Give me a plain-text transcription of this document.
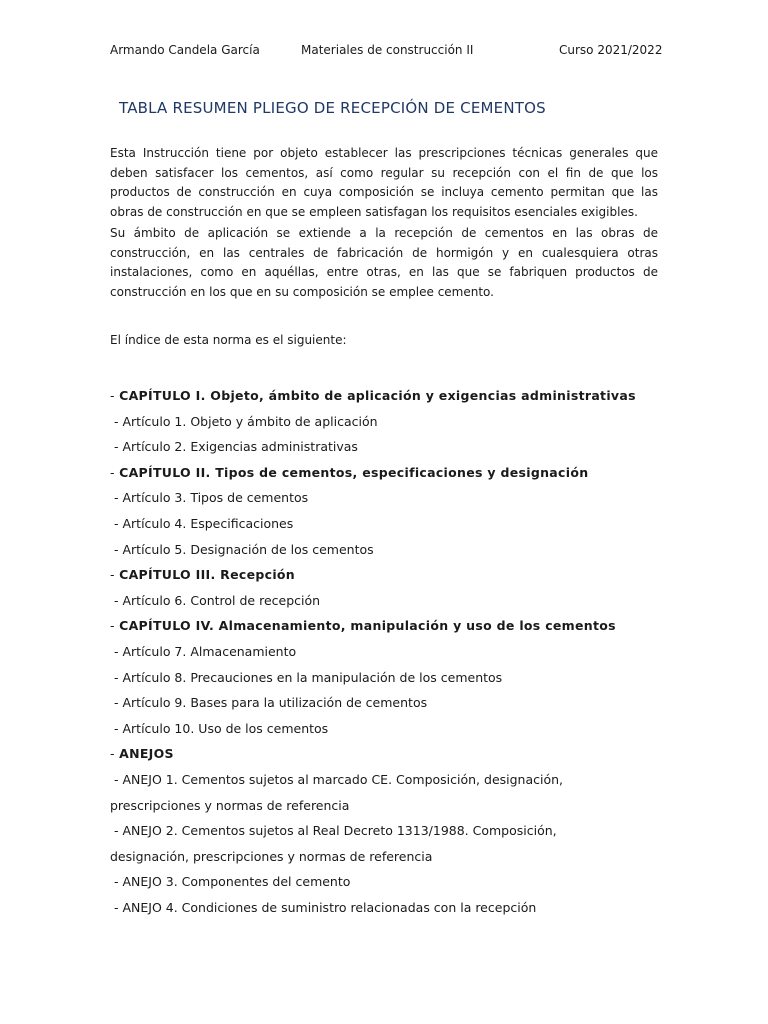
Armando Candela García	Materiales de construcción II	Curso 2021/2022
TABLA RESUMEN PLIEGO DE RECEPCIÓN DE CEMENTOS

Esta Instrucción tiene por objeto establecer las prescripciones técnicas generales que deben satisfacer los cementos, así como regular su recepción con el fin de que los productos de construcción en cuya composición se incluya cemento permitan que las obras de construcción en que se empleen satisfagan los requisitos esenciales exigibles.

Su ámbito de aplicación se extiende a la recepción de cementos en las obras de construcción, en las centrales de fabricación de hormigón y en cualesquiera otras instalaciones, como en aquéllas, entre otras, en las que se fabriquen productos de construcción en los que en su composición se emplee cemento.

El índice de esta norma es el siguiente:
- CAPÍTULO I. Objeto, ámbito de aplicación y exigencias administrativas
- Artículo 1. Objeto y ámbito de aplicación
- Artículo 2. Exigencias administrativas
- CAPÍTULO II. Tipos de cementos, especificaciones y designación
- Artículo 3. Tipos de cementos
- Artículo 4. Especificaciones
- Artículo 5. Designación de los cementos
- CAPÍTULO III. Recepción
- Artículo 6. Control de recepción
- CAPÍTULO IV. Almacenamiento, manipulación y uso de los cementos
- Artículo 7. Almacenamiento
- Artículo 8. Precauciones en la manipulación de los cementos
- Artículo 9. Bases para la utilización de cementos
- Artículo 10. Uso de los cementos
- ANEJOS
- ANEJO 1. Cementos sujetos al marcado CE. Composición, designación,
prescripciones y normas de referencia
- ANEJO 2. Cementos sujetos al Real Decreto 1313/1988. Composición,
designación, prescripciones y normas de referencia
- ANEJO 3. Componentes del cemento
- ANEJO 4. Condiciones de suministro relacionadas con la recepción
